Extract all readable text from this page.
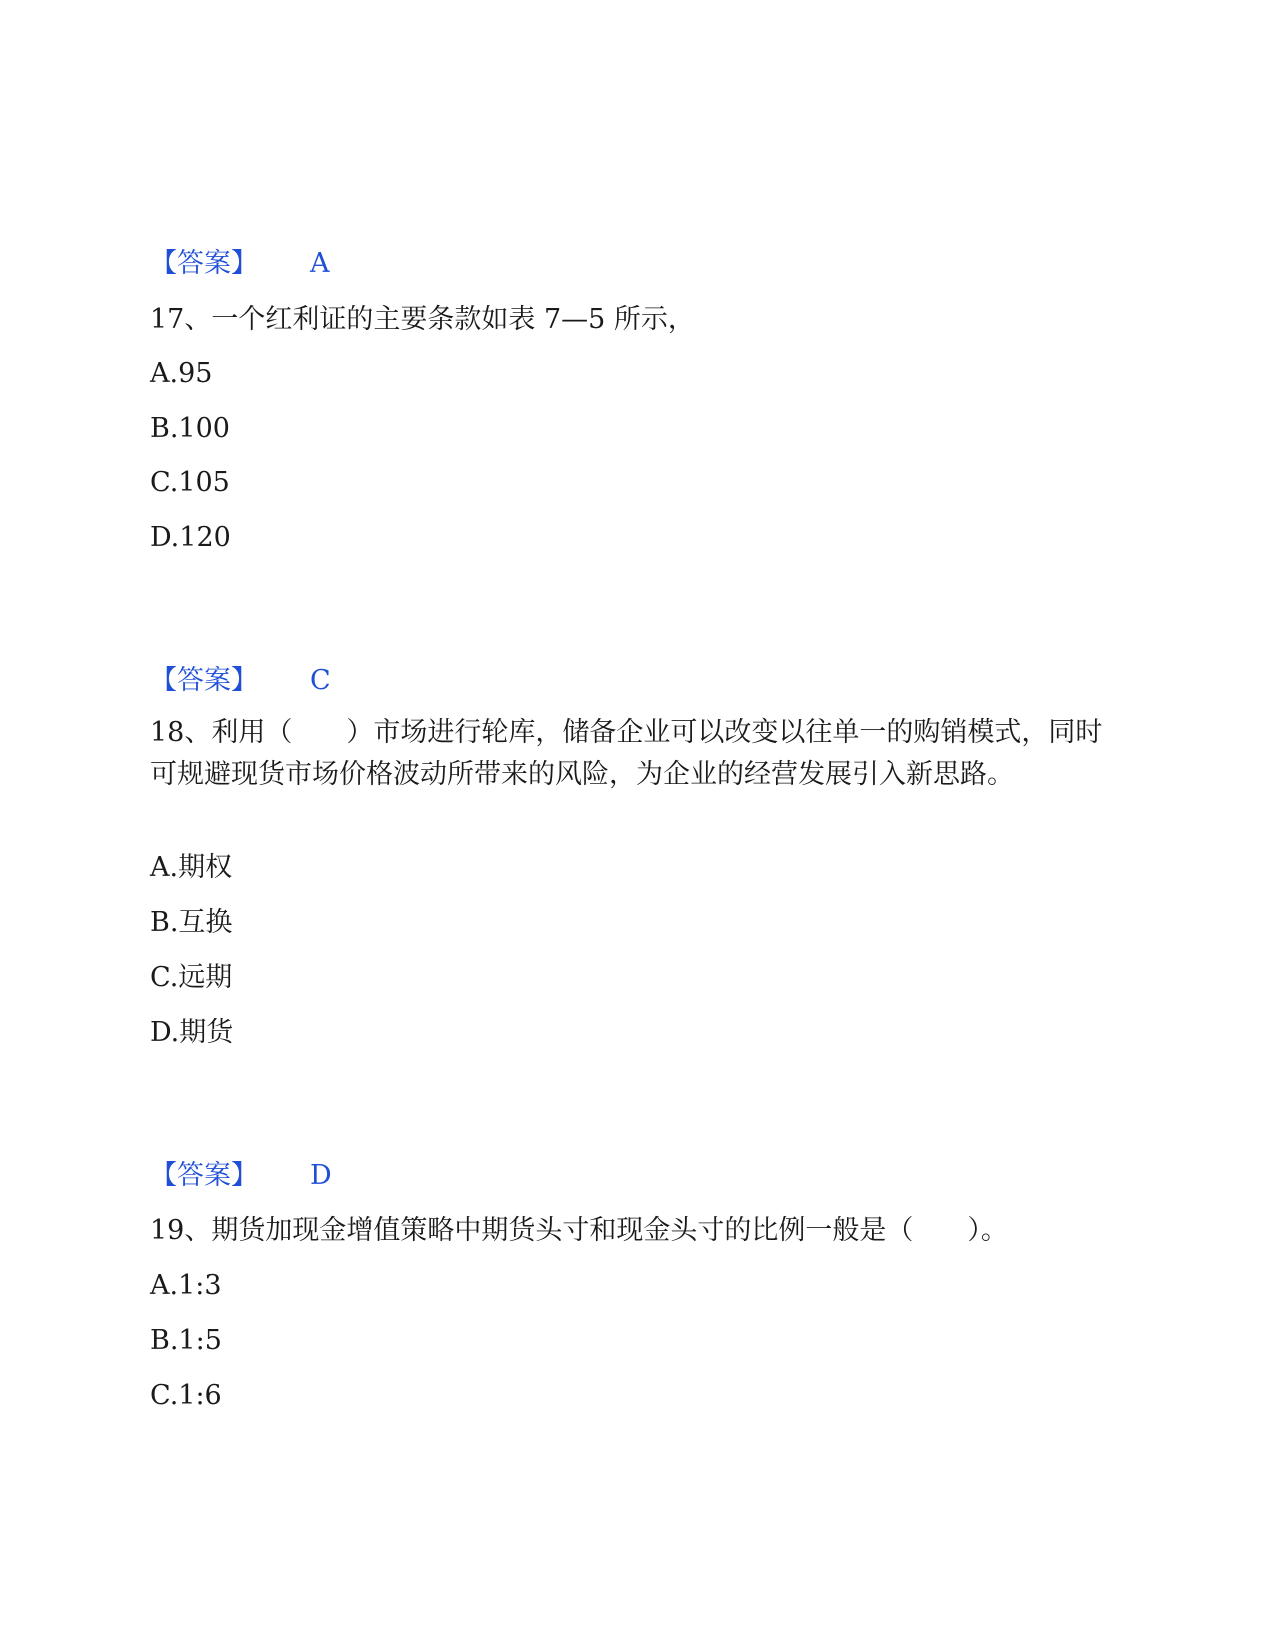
【答案】 A
17、一个红利证的主要条款如表 7—5 所示，
A.95
B.100
C.105
D.120
【答案】 C
18、利用（　　）市场进行轮库，储备企业可以改变以往单一的购销模式，同时可规避现货市场价格波动所带来的风险，为企业的经营发展引入新思路。
A.期权
B.互换
C.远期
D.期货
【答案】 D
19、期货加现金增值策略中期货头寸和现金头寸的比例一般是（　　）。
A.1:3
B.1:5
C.1:6
